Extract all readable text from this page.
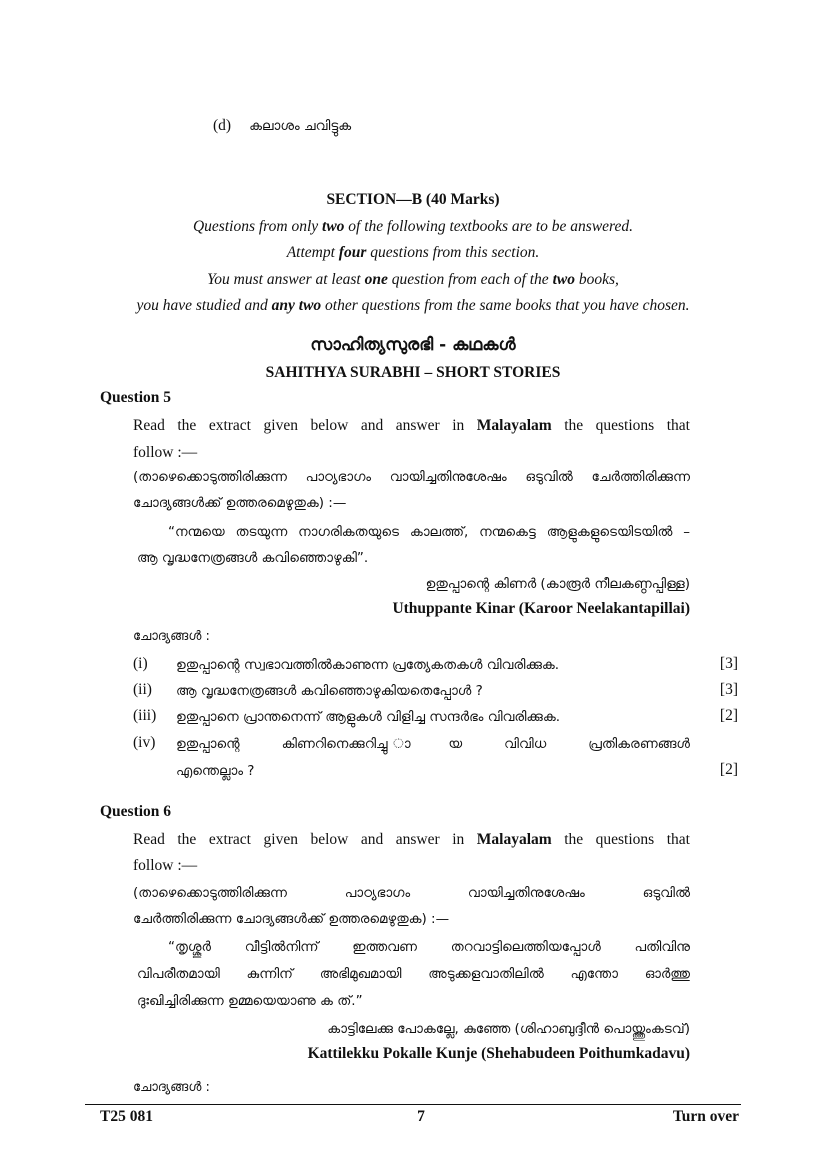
(d) കലാശം ചവിട്ടുക
SECTION—B (40 Marks)
Questions from only two of the following textbooks are to be answered.
Attempt four questions from this section.
You must answer at least one question from each of the two books,
you have studied and any two other questions from the same books that you have chosen.
സാഹിത്യസുരഭി - കഥകൾ
SAHITHYA SURABHI – SHORT STORIES
Question 5
Read the extract given below and answer in Malayalam the questions that
follow :—
(താഴെക്കൊടുത്തിരിക്കുന്ന പാഠ്യഭാഗം വായിച്ചതിനുശേഷം ഒടുവിൽ ചേർത്തിരിക്കുന്ന
ചോദ്യങ്ങൾക്ക് ഉത്തരമെഴുതുക) :—
“നന്മയെ തടയുന്ന നാഗരികതയുടെ കാലത്ത്, നന്മകെട്ട ആളുകളുടെയിടയിൽ –
ആ വൃദ്ധനേത്രങ്ങൾ കവിഞ്ഞൊഴുകി”.
ഉതുപ്പാന്റെ കിണർ (കാരൂർ നീലകണ്ഠപ്പിള്ള)
Uthuppante Kinar (Karoor Neelakantapillai)
ചോദ്യങ്ങൾ :
(i) ഉതുപ്പാന്റെ സ്വഭാവത്തിൽകാണുന്ന പ്രത്യേകതകൾ വിവരിക്കുക.	[3]
(ii) ആ വൃദ്ധനേത്രങ്ങൾ കവിഞ്ഞൊഴുകിയതെപ്പോൾ ?	[3]
(iii) ഉതുപ്പാനെ പ്രാന്തനെന്ന് ആളുകൾ വിളിച്ച സന്ദർഭം വിവരിക്കുക.	[2]
(iv) ഉതുപ്പാന്റെ കിണറിനെക്കുറിച്ചു ായ വിവിധ പ്രതികരണങ്ങൾ
എന്തെല്ലാം ?	[2]
Question 6
Read the extract given below and answer in Malayalam the questions that
follow :—
(താഴെക്കൊടുത്തിരിക്കുന്ന പാഠ്യഭാഗം വായിച്ചതിനുശേഷം ഒടുവിൽ
ചേർത്തിരിക്കുന്ന ചോദ്യങ്ങൾക്ക് ഉത്തരമെഴുതുക) :—
“തൃശ്ശൂർ വീട്ടിൽനിന്ന് ഇത്തവണ തറവാട്ടിലെത്തിയപ്പോൾ പതിവിനു
വിപരീതമായി കുന്നിന് അഭിമുഖമായി അടുക്കളവാതിലിൽ എന്തോ ഓർത്തു
ദുഃഖിച്ചിരിക്കുന്ന ഉമ്മയെയാണു ക ത്.”
കാട്ടിലേക്കു പോകല്ലേ, കുഞ്ഞേ (ശിഹാബുദ്ദീൻ പൊയ്ത്തുംകടവ്)
Kattilekku Pokalle Kunje (Shehabudeen Poithumkadavu)
ചോദ്യങ്ങൾ :
T25 081	7	Turn over
